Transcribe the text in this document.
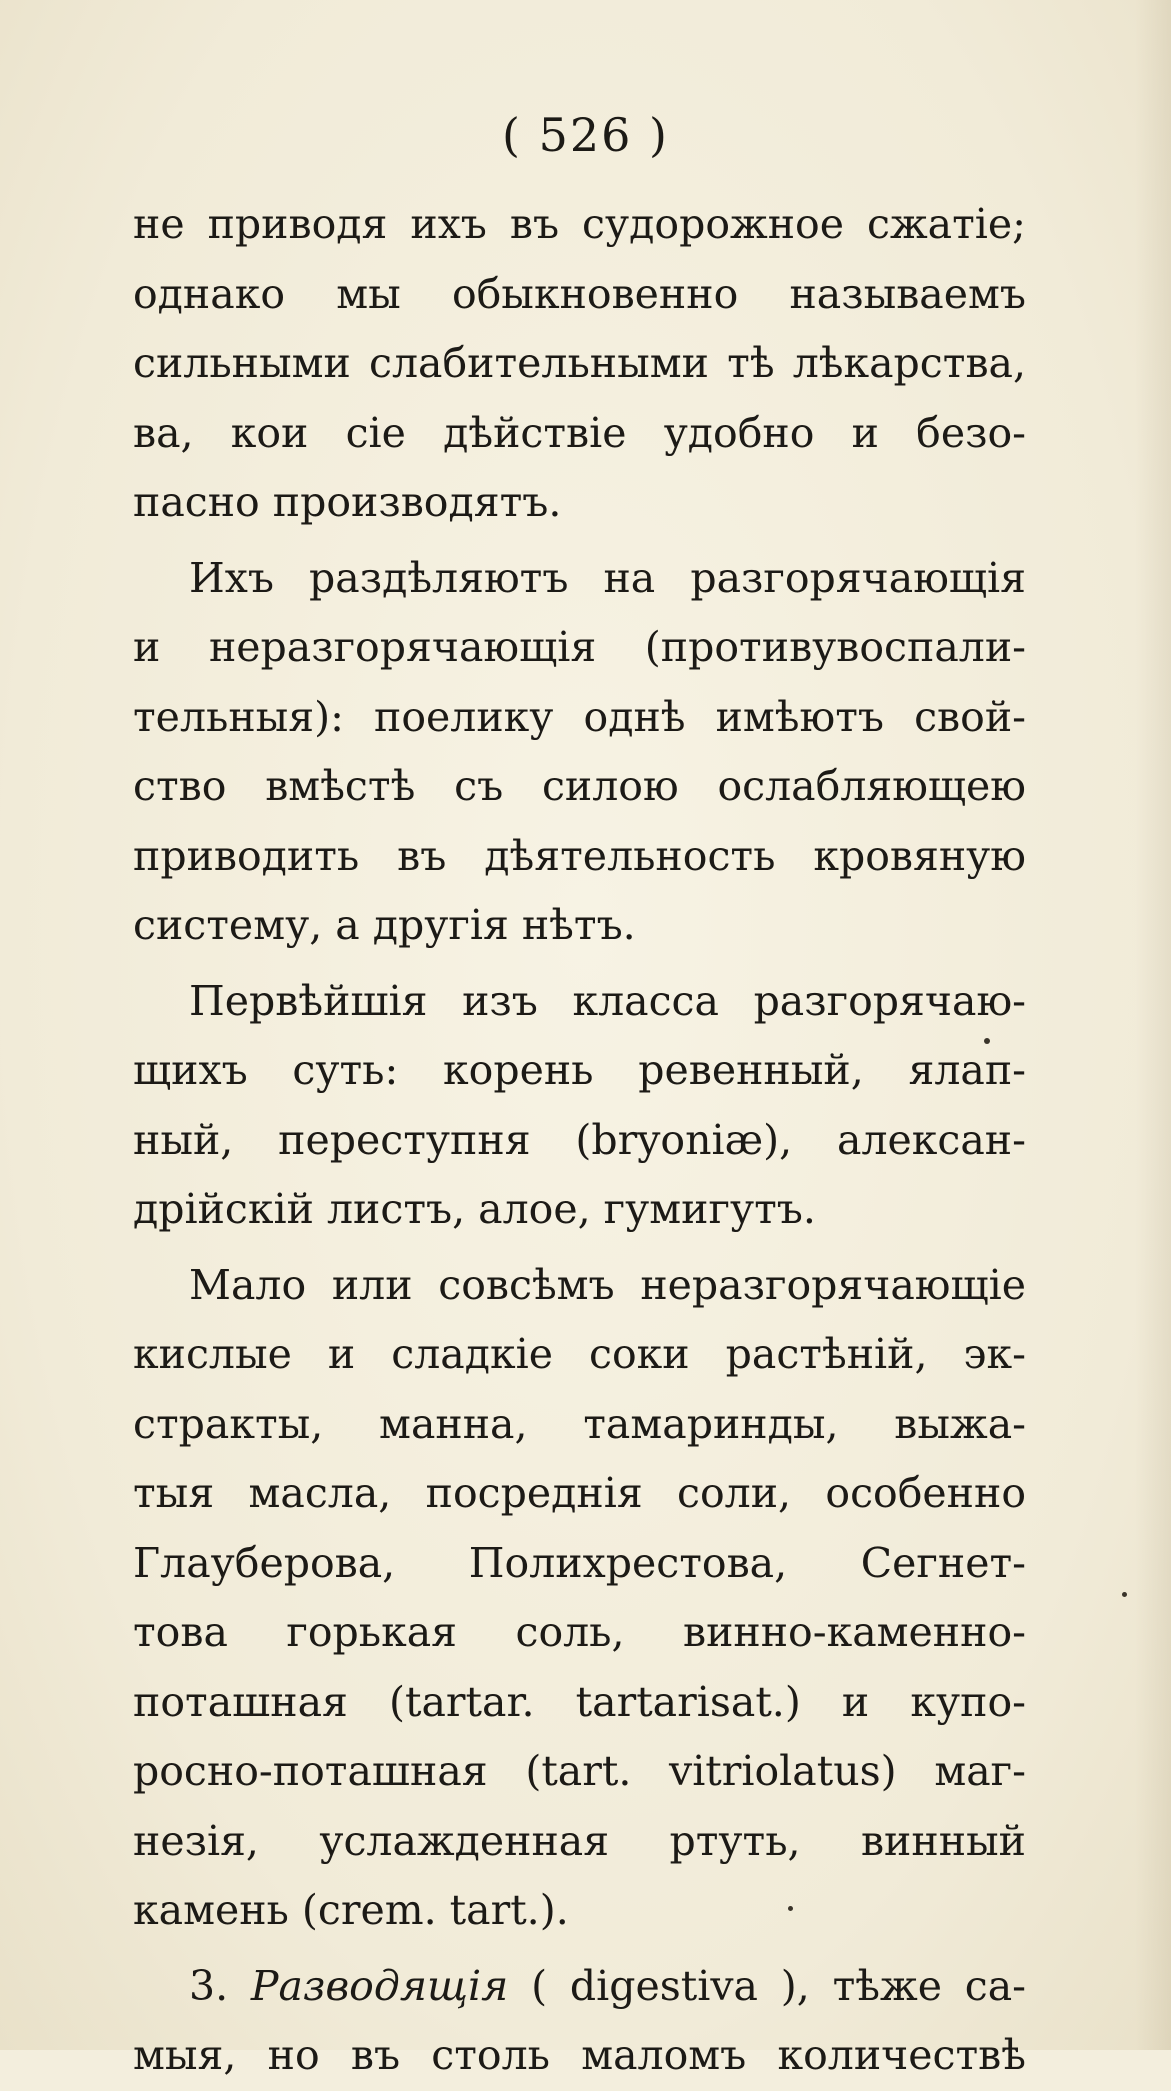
( 526 )
не приводя ихъ въ судорожное сжатіе;
однако мы обыкновенно называемъ
сильными слабительными тѣ лѣкарства,
ва, кои сіе дѣйствіе удобно и безо-
пасно производятъ.
Ихъ раздѣляютъ на разгорячающія
и неразгорячающія (противувоспали-
тельныя): поелику однѣ имѣютъ свой-
ство вмѣстѣ съ силою ослабляющею
приводить въ дѣятельность кровяную
систему, а другія нѣтъ.
Первѣйшія изъ класса разгорячаю-
щихъ суть: корень ревенный, ялап-
ный, переступня (bryoniæ), алексан-
дрійскій листъ, алое, гумигутъ.
Мало или совсѣмъ неразгорячающіе
кислые и сладкіе соки растѣній, эк-
стракты, манна, тамаринды, выжа-
тыя масла, посреднія соли, особенно
Глауберова, Полихрестова, Сегнет-
това горькая соль, винно-каменно-
поташная (tartar. tartarisat.) и купо-
росно-поташная (tart. vitriolatus) маг-
незія, услажденная ртуть, винный
камень (crem. tart.).
3. Разводящія ( digestiva ), тѣже са-
мыя, но въ столь маломъ количествѣ
